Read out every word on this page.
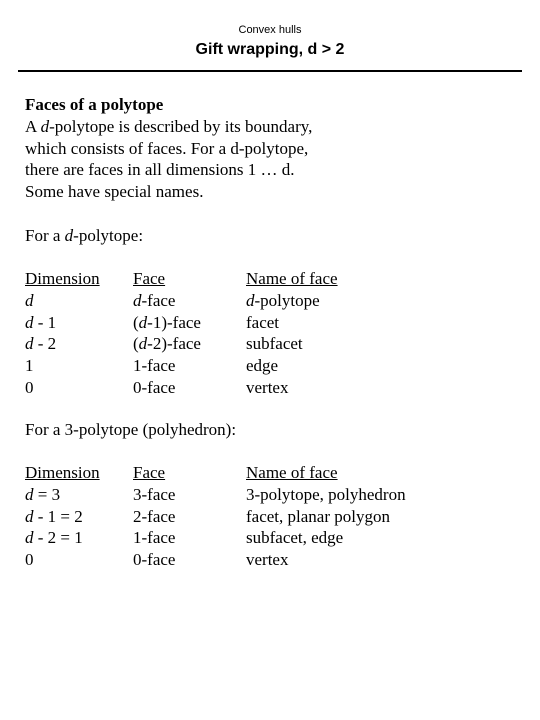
Convex hulls
Gift wrapping, d > 2
Faces of a polytope
A d-polytope is described by its boundary,
which consists of faces. For a d-polytope,
there are faces in all dimensions 1 … d.
Some have special names.
For a d-polytope:
Dimension Face	Name of face
d	d-face	d-polytope
d - 1	(d-1)-face	facet
d - 2	(d-2)-face	subfacet
1	1-face	edge
0	0-face	vertex
For a 3-polytope (polyhedron):
Dimension Face	Name of face
d = 3	3-face	3-polytope, polyhedron
d - 1 = 2	2-face	facet, planar polygon
d - 2 = 1	1-face	subfacet, edge
0	0-face	vertex
